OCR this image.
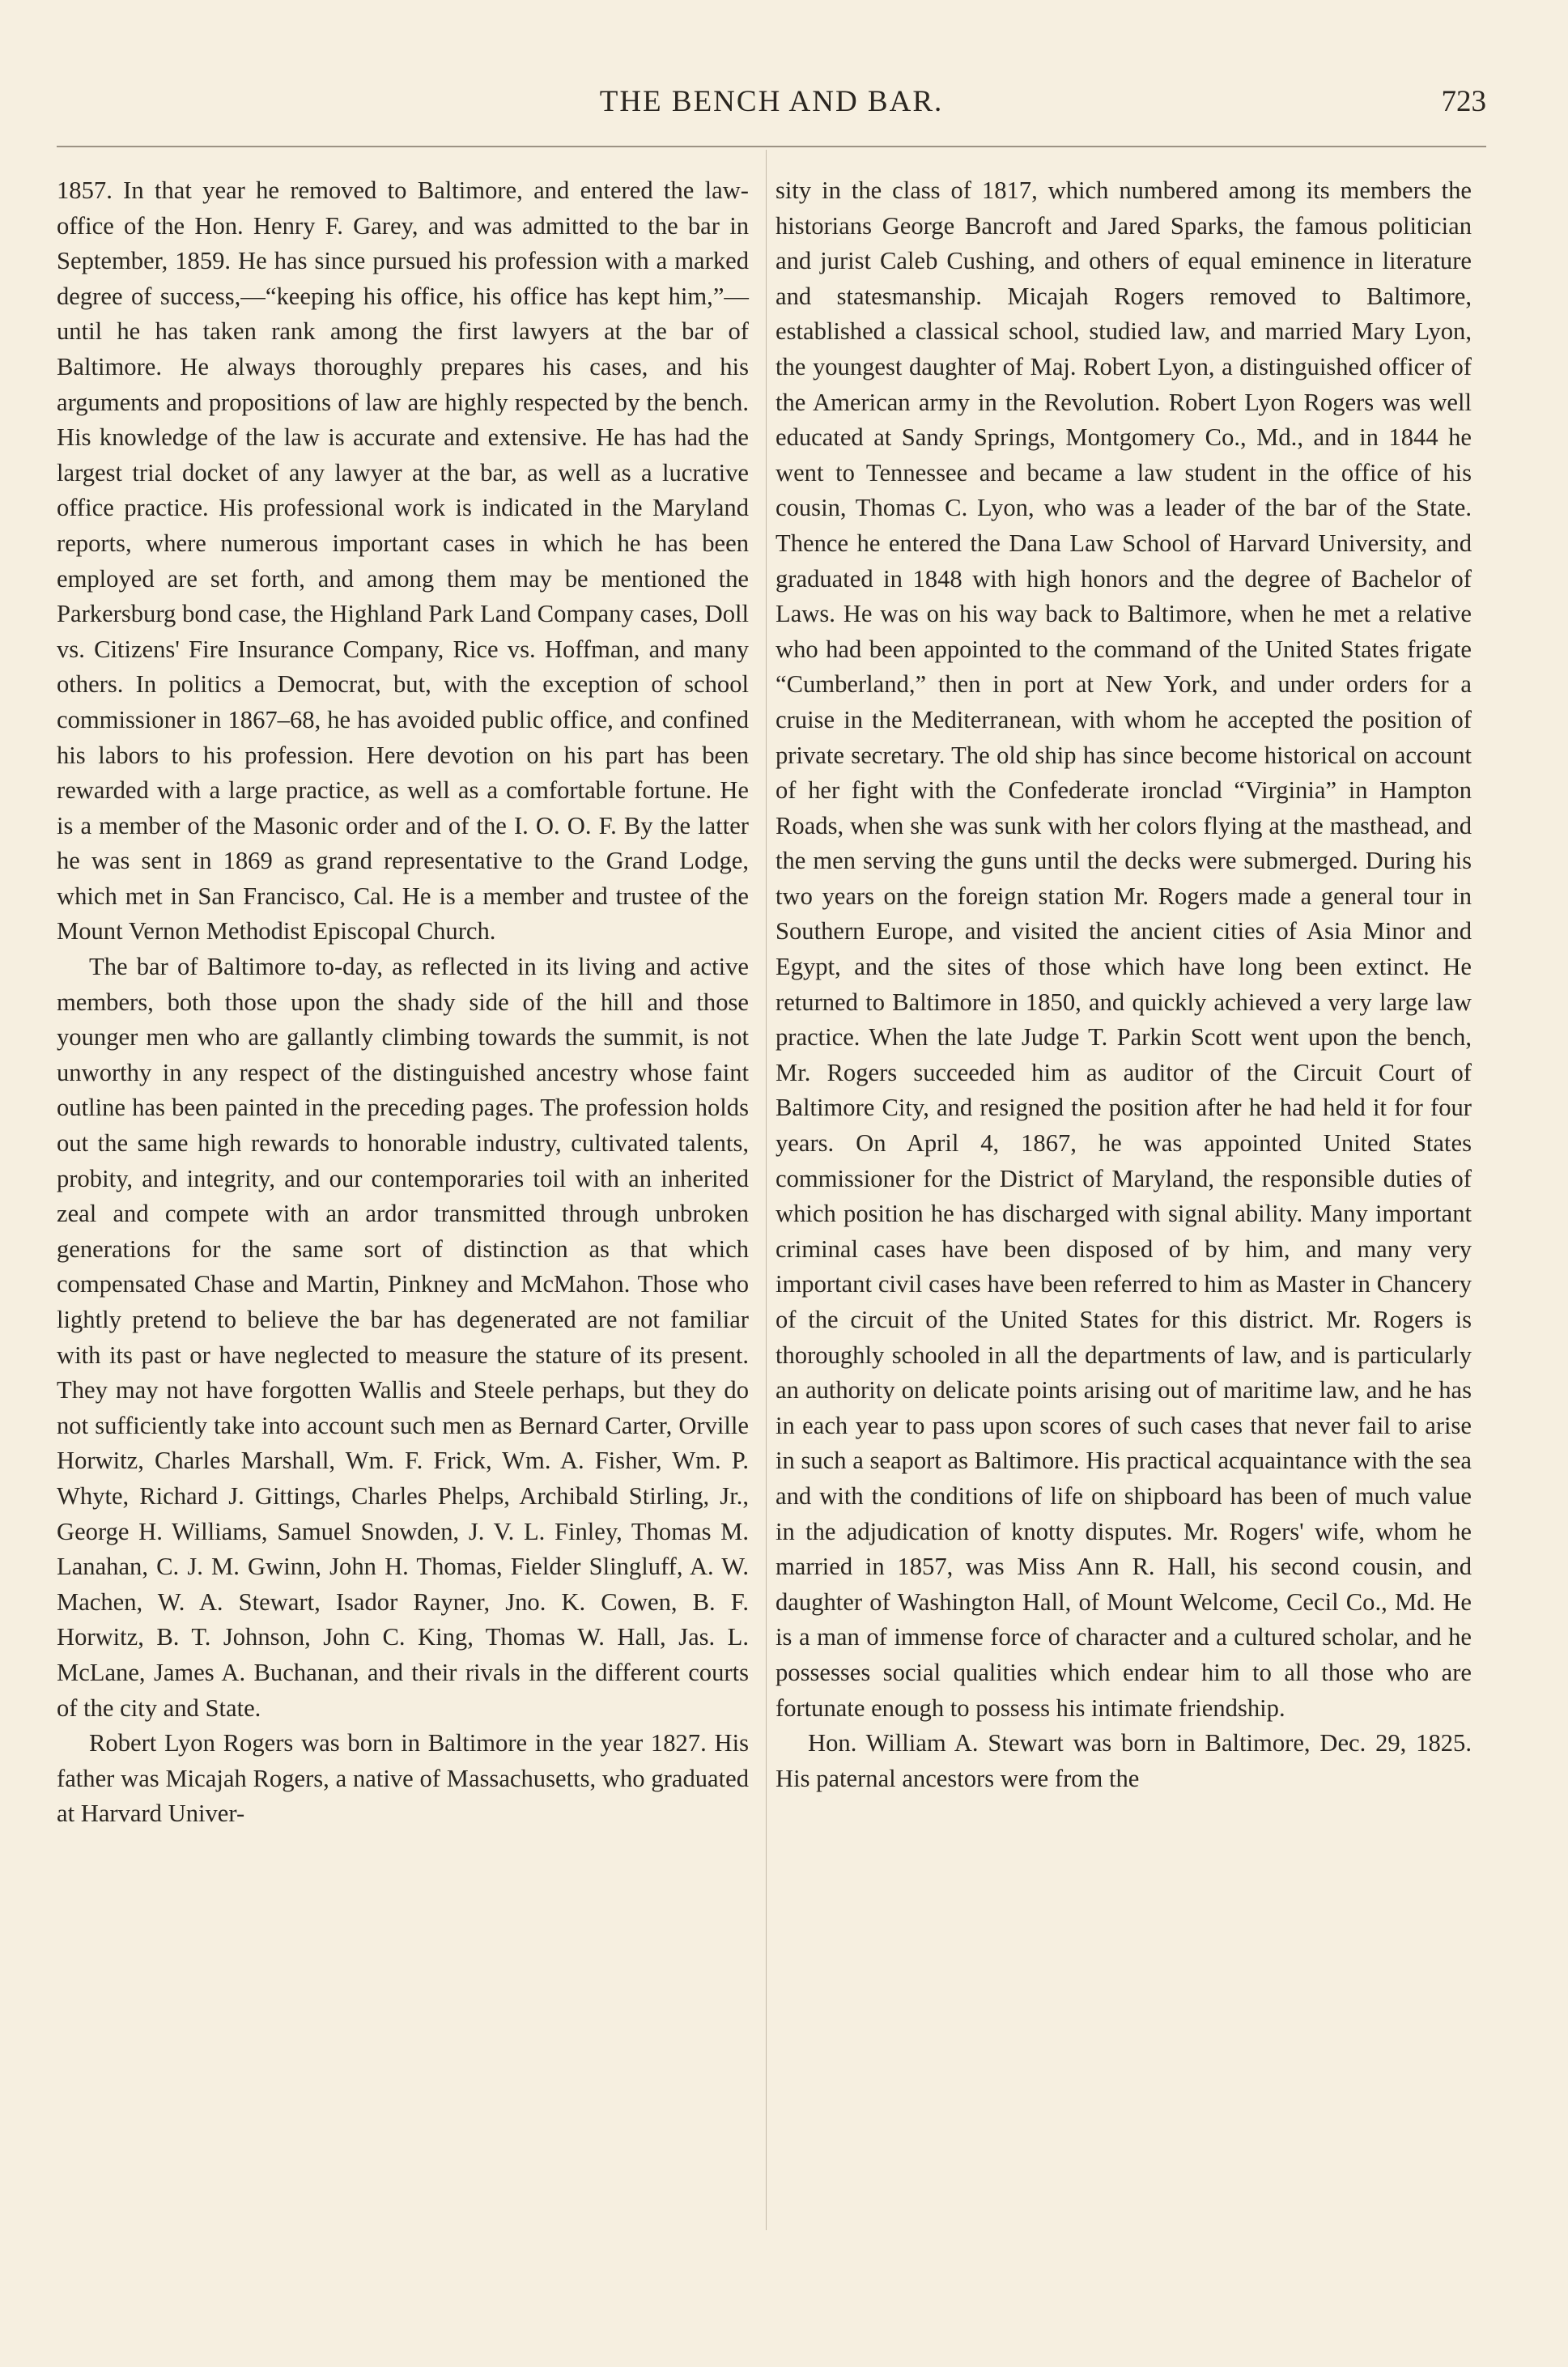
THE BENCH AND BAR.	723

1857. In that year he removed to Baltimore, and entered the law-office of the Hon. Henry F. Garey, and was admitted to the bar in September, 1859. He has since pursued his profession with a marked degree of success,—“keeping his office, his office has kept him,”—until he has taken rank among the first lawyers at the bar of Baltimore. He always thoroughly prepares his cases, and his arguments and propositions of law are highly respected by the bench. His knowledge of the law is accurate and extensive. He has had the largest trial docket of any lawyer at the bar, as well as a lucrative office practice. His professional work is indicated in the Maryland reports, where numerous important cases in which he has been employed are set forth, and among them may be mentioned the Parkersburg bond case, the Highland Park Land Company cases, Doll vs. Citizens' Fire Insurance Company, Rice vs. Hoffman, and many others. In politics a Democrat, but, with the exception of school commissioner in 1867–68, he has avoided public office, and confined his labors to his profession. Here devotion on his part has been rewarded with a large practice, as well as a comfortable fortune. He is a member of the Masonic order and of the I. O. O. F. By the latter he was sent in 1869 as grand representative to the Grand Lodge, which met in San Francisco, Cal. He is a member and trustee of the Mount Vernon Methodist Episcopal Church.

The bar of Baltimore to-day, as reflected in its living and active members, both those upon the shady side of the hill and those younger men who are gallantly climbing towards the summit, is not unworthy in any respect of the distinguished ancestry whose faint outline has been painted in the preceding pages. The profession holds out the same high rewards to honorable industry, cultivated talents, probity, and integrity, and our contemporaries toil with an inherited zeal and compete with an ardor transmitted through unbroken generations for the same sort of distinction as that which compensated Chase and Martin, Pinkney and McMahon. Those who lightly pretend to believe the bar has degenerated are not familiar with its past or have neglected to measure the stature of its present. They may not have forgotten Wallis and Steele perhaps, but they do not sufficiently take into account such men as Bernard Carter, Orville Horwitz, Charles Marshall, Wm. F. Frick, Wm. A. Fisher, Wm. P. Whyte, Richard J. Gittings, Charles Phelps, Archibald Stirling, Jr., George H. Williams, Samuel Snowden, J. V. L. Finley, Thomas M. Lanahan, C. J. M. Gwinn, John H. Thomas, Fielder Slingluff, A. W. Machen, W. A. Stewart, Isador Rayner, Jno. K. Cowen, B. F. Horwitz, B. T. Johnson, John C. King, Thomas W. Hall, Jas. L. McLane, James A. Buchanan, and their rivals in the different courts of the city and State.

Robert Lyon Rogers was born in Baltimore in the year 1827. His father was Micajah Rogers, a native of Massachusetts, who graduated at Harvard Univer-

sity in the class of 1817, which numbered among its members the historians George Bancroft and Jared Sparks, the famous politician and jurist Caleb Cushing, and others of equal eminence in literature and statesmanship. Micajah Rogers removed to Baltimore, established a classical school, studied law, and married Mary Lyon, the youngest daughter of Maj. Robert Lyon, a distinguished officer of the American army in the Revolution. Robert Lyon Rogers was well educated at Sandy Springs, Montgomery Co., Md., and in 1844 he went to Tennessee and became a law student in the office of his cousin, Thomas C. Lyon, who was a leader of the bar of the State. Thence he entered the Dana Law School of Harvard University, and graduated in 1848 with high honors and the degree of Bachelor of Laws. He was on his way back to Baltimore, when he met a relative who had been appointed to the command of the United States frigate “Cumberland,” then in port at New York, and under orders for a cruise in the Mediterranean, with whom he accepted the position of private secretary. The old ship has since become historical on account of her fight with the Confederate ironclad “Virginia” in Hampton Roads, when she was sunk with her colors flying at the masthead, and the men serving the guns until the decks were submerged. During his two years on the foreign station Mr. Rogers made a general tour in Southern Europe, and visited the ancient cities of Asia Minor and Egypt, and the sites of those which have long been extinct. He returned to Baltimore in 1850, and quickly achieved a very large law practice. When the late Judge T. Parkin Scott went upon the bench, Mr. Rogers succeeded him as auditor of the Circuit Court of Baltimore City, and resigned the position after he had held it for four years. On April 4, 1867, he was appointed United States commissioner for the District of Maryland, the responsible duties of which position he has discharged with signal ability. Many important criminal cases have been disposed of by him, and many very important civil cases have been referred to him as Master in Chancery of the circuit of the United States for this district. Mr. Rogers is thoroughly schooled in all the departments of law, and is particularly an authority on delicate points arising out of maritime law, and he has in each year to pass upon scores of such cases that never fail to arise in such a seaport as Baltimore. His practical acquaintance with the sea and with the conditions of life on shipboard has been of much value in the adjudication of knotty disputes. Mr. Rogers' wife, whom he married in 1857, was Miss Ann R. Hall, his second cousin, and daughter of Washington Hall, of Mount Welcome, Cecil Co., Md. He is a man of immense force of character and a cultured scholar, and he possesses social qualities which endear him to all those who are fortunate enough to possess his intimate friendship.

Hon. William A. Stewart was born in Baltimore, Dec. 29, 1825. His paternal ancestors were from the
